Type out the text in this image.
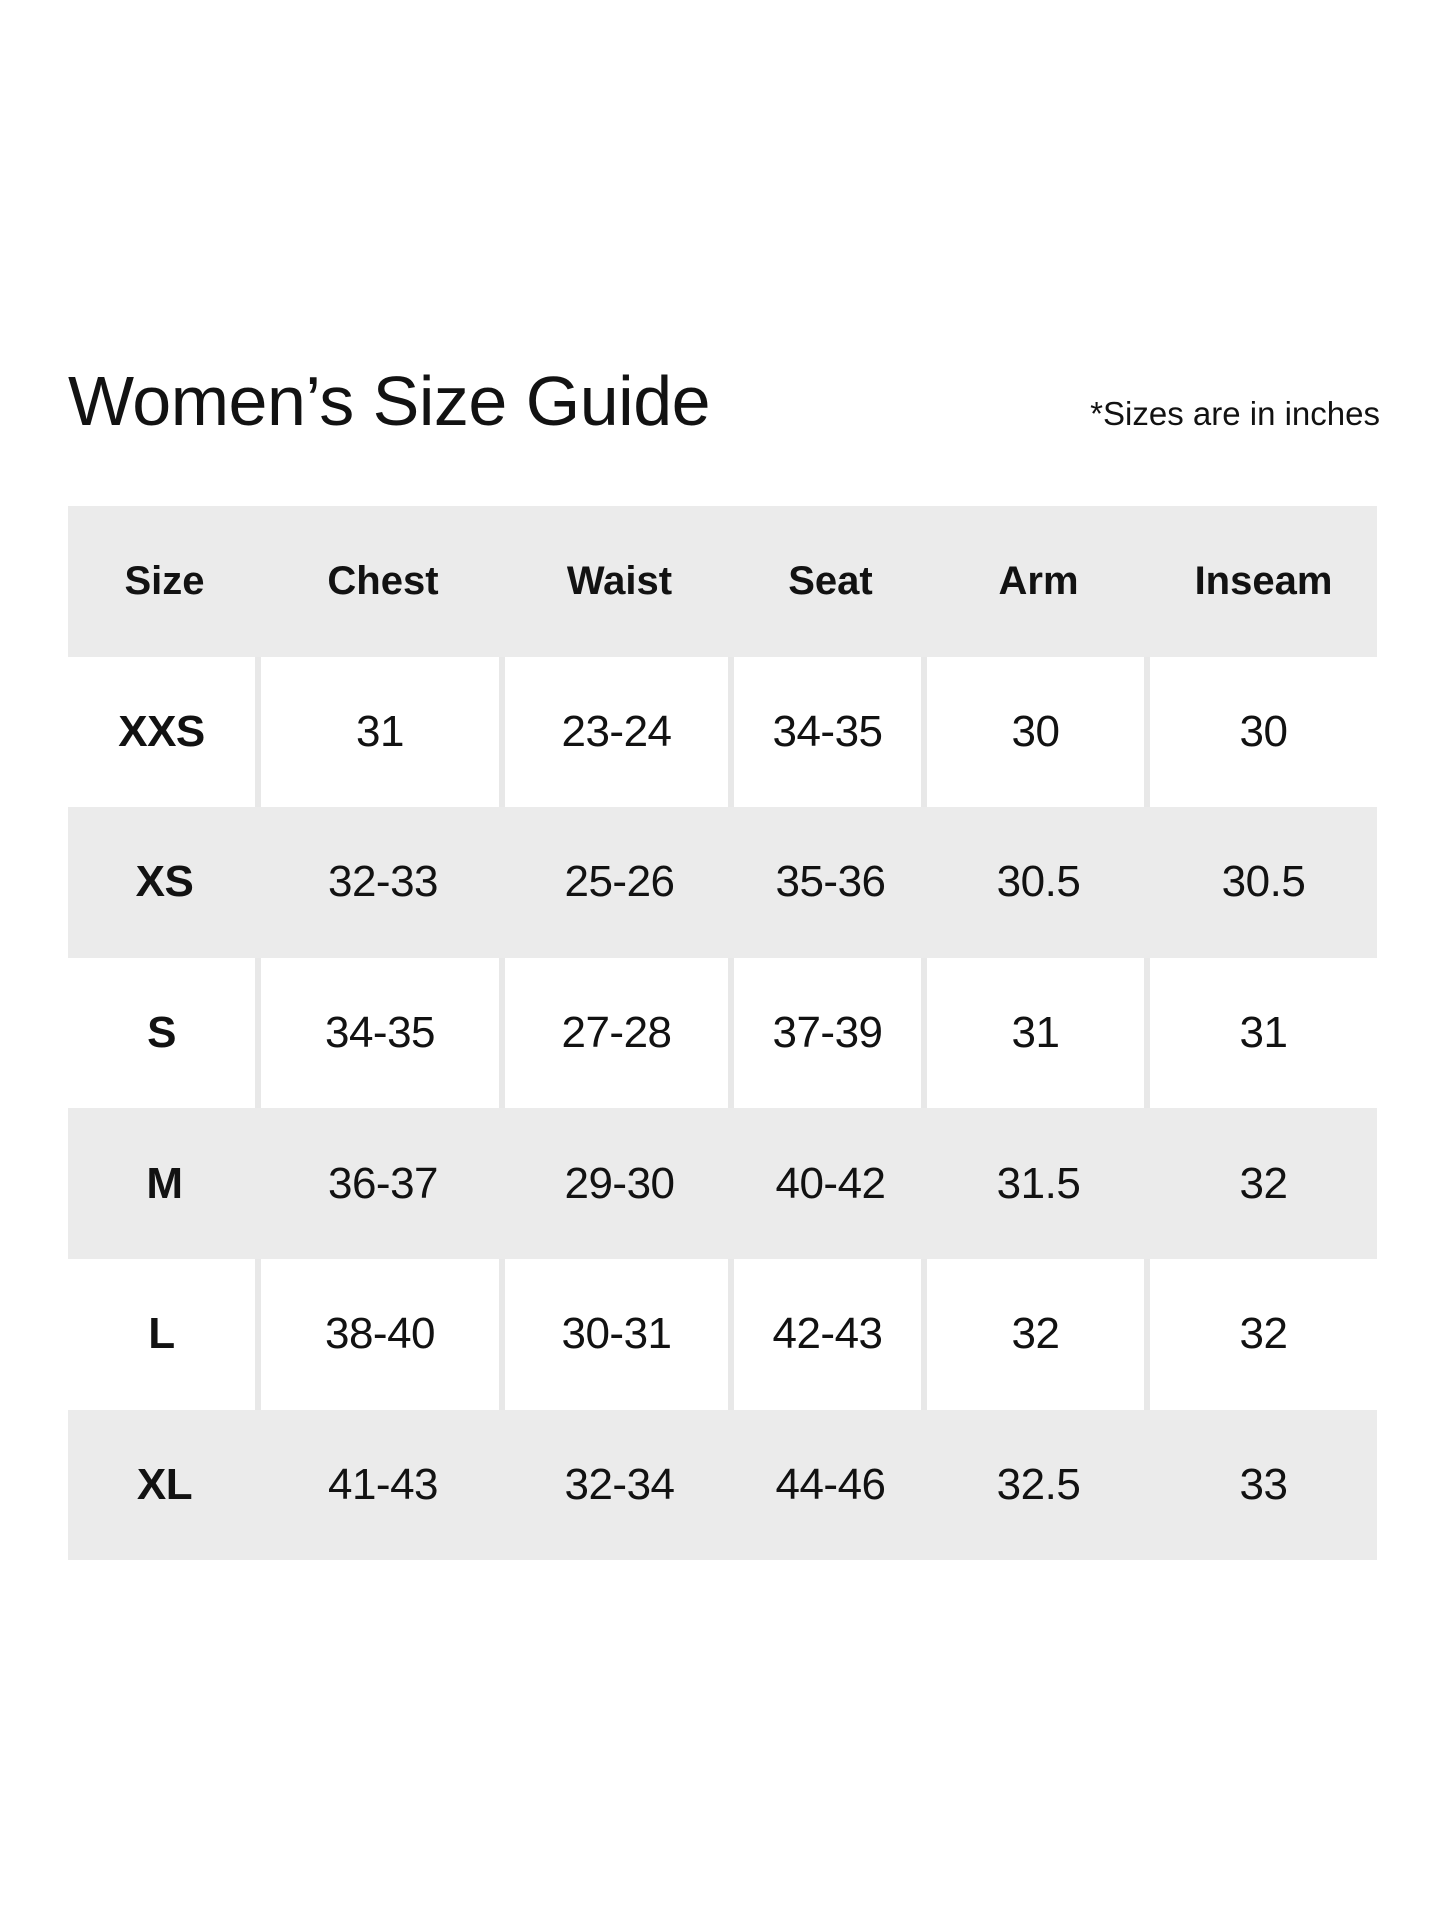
Women’s Size Guide	*Sizes are in inches
Size	Chest	Waist	Seat	Arm	Inseam
XXS	31	23-24	34-35	30	30
XS	32-33	25-26	35-36	30.5	30.5
S	34-35	27-28	37-39	31	31
M	36-37	29-30	40-42	31.5	32
L	38-40	30-31	42-43	32	32
XL	41-43	32-34	44-46	32.5	33
